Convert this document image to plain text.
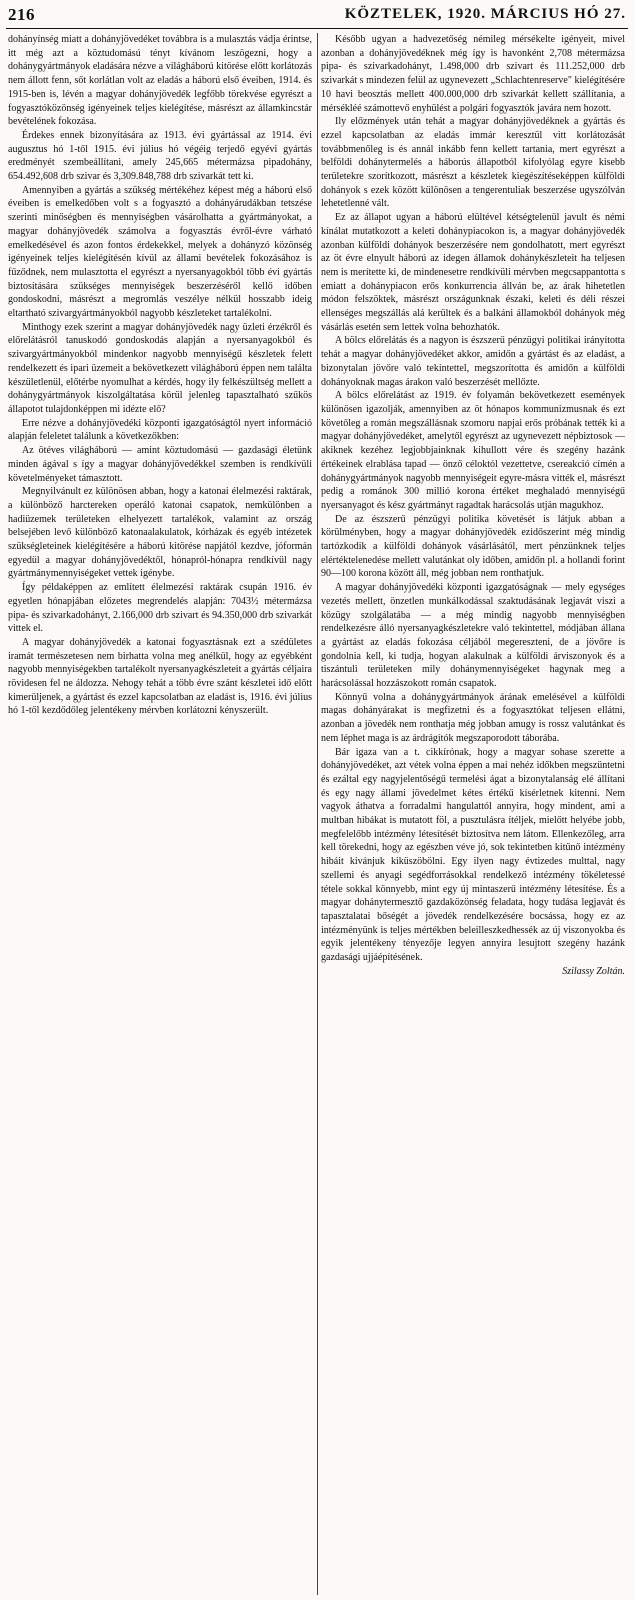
216	KÖZTELEK, 1920. MÁRCIUS HÓ 27.

dohányínség miatt a dohányjövedéket továbbra is a mulasztás vádja érintse, itt még azt a köztudomású tényt kívánom leszögezni, hogy a dohánygyártmányok eladására nézve a világháború kitörése előtt korlátozás nem állott fenn, sőt korlátlan volt az eladás a háború első éveiben, 1914. és 1915-ben is, lévén a magyar dohányjövedék legfőbb törekvése egyrészt a fogyasztóközönség igényeinek teljes kielégítése, másrészt az államkincstár bevételének fokozása.

Érdekes ennek bizonyítására az 1913. évi gyártással az 1914. évi augusztus hó 1-től 1915. évi július hó végéig terjedő egyévi gyártás eredményét szembeállítani, amely 245,665 métermázsa pipadohány, 654.492,608 drb szivar és 3,309.848,788 drb szivarkát tett ki.

Amennyiben a gyártás a szükség mértékéhez képest még a háború első éveiben is emelkedőben volt s a fogyasztó a dohányárudákban tetszése szerinti minőségben és mennyiségben vásárolhatta a gyártmányokat, a magyar dohányjövedék számolva a fogyasztás évről-évre várható emelkedésével és azon fontos érdekekkel, melyek a dohányzó közönség igényeinek teljes kielégítésén kívül az állami bevételek fokozásához is fűződnek, nem mulasztotta el egyrészt a nyersanyagokból több évi gyártás biztosítására szükséges mennyiségek beszerzéséről kellő időben gondoskodni, másrészt a megromlás veszélye nélkül hosszabb ideig eltartható szivargyártmányokból nagyobb készleteket tartalékolni.

Minthogy ezek szerint a magyar dohányjövedék nagy üzleti érzékről és előrelátásról tanuskodó gondoskodás alapján a nyersanyagokból és szivargyártmányokból mindenkor nagyobb mennyiségű készletek felett rendelkezett és ipari üzemeit a bekövetkezett világháború éppen nem találta készületlenül, előtérbe nyomulhat a kérdés, hogy ily felkészültség mellett a dohánygyártmányok kiszolgáltatása körül jelenleg tapasztalható szűkös állapotot tulajdonképpen mi idézte elő?

Erre nézve a dohányjövedéki központi igazgatóságtól nyert információ alapján feleletet találunk a következőkben:

Az ötéves világháború — amint köztudomású — gazdasági életünk minden ágával s így a magyar dohányjövedékkel szemben is rendkívüli követelményeket támasztott.

Megnyilvánult ez különösen abban, hogy a katonai élelmezési raktárak, a különböző harctereken operáló katonai csapatok, nemkülönben a hadiüzemek területeken elhelyezett tartalékok, valamint az ország belsejében levő különböző katonaalakulatok, kórházak és egyéb intézetek szükségleteinek kielégítésére a háború kitörése napjától kezdve, jóformán egyedül a magyar dohányjövedéktől, hónapról-hónapra rendkívül nagy gyártmánymennyiségeket vettek igénybe.

Így példaképpen az említett élelmezési raktárak csupán 1916. év egyetlen hónapjában előzetes megrendelés alapján: 7043½ métermázsa pipa- és szivarkadohányt, 2.166,000 drb szivart és 94.350,000 drb szivarkát vittek el.

A magyar dohányjövedék a katonai fogyasztásnak ezt a szédületes iramát természetesen nem birhatta volna meg anélkül, hogy az egyébként nagyobb mennyiségekben tartalékolt nyersanyagkészleteit a gyártás céljaira rövidesen fel ne áldozza. Nehogy tehát a több évre szánt készletei idő előtt kimerüljenek, a gyártást és ezzel kapcsolatban az eladást is, 1916. évi július hó 1-től kezdődőleg jelentékeny mérvben korlátozni kényszerült.

Később ugyan a hadvezetőség némileg mérsékelte igényeit, mivel azonban a dohányjövedéknek még így is havonként 2,708 métermázsa pipa- és szivarkadohányt, 1.498,000 drb szivart és 111.252,000 drb szivarkát s mindezen felül az ugynevezett „Schlachtenreserve" kielégítésére 10 havi beosztás mellett 400.000,000 drb szivarkát kellett szállítania, a mérsékléé számottevő enyhülést a polgári fogyasztók javára nem hozott.

Ily előzmények után tehát a magyar dohányjövedéknek a gyártás és ezzel kapcsolatban az eladás immár keresztül vitt korlátozását továbbmenőleg is és annál inkább fenn kellett tartania, mert egyrészt a belföldi dohánytermelés a háborús állapotból kifolyólag egyre kisebb területekre szorítkozott, másrészt a készletek kiegészítéseképpen külföldi dohányok s ezek között különösen a tengerentuliak beszerzése ugyszólván lehetetlenné vált.

Ez az állapot ugyan a háború elültével kétségtelenül javult és némi kínálat mutatkozott a keleti dohánypiacokon is, a magyar dohányjövedék azonban külföldi dohányok beszerzésére nem gondolhatott, mert egyrészt az öt évre elnyult háború az idegen államok dohánykészleteit ha teljesen nem is merítette ki, de mindenesetre rendkívüli mérvben megcsappantotta s emiatt a dohánypiacon erős konkurrencia állván be, az árak hihetetlen módon felszöktek, másrészt országunknak északi, keleti és déli részei ellenséges megszállás alá kerültek és a balkáni államokból dohányok még vásárlás esetén sem lettek volna behozhatók.

A bölcs előrelátás és a nagyon is észszerű pénzügyi politikai irányította tehát a magyar dohányjövedéket akkor, amidőn a gyártást és az eladást, a bizonytalan jövőre való tekintettel, megszorította és amidőn a külföldi dohányoknak magas árakon való beszerzését mellőzte.

A bölcs előrelátást az 1919. év folyamán bekövetkezett események különösen igazolják, amennyiben az öt hónapos kommunizmusnak és ezt követőleg a román megszállásnak szomoru napjai erős próbának tették ki a magyar dohányjövedéket, amelytől egyrészt az ugynevezett népbiztosok — akiknek kezéhez legjobbjainknak kihullott vére és szegény hazánk értékeinek elrablása tapad — önző céloktól vezettetve, csereakció címén a dohánygyártmányok nagyobb mennyiségeit egyre-másra vitték el, másrészt pedig a románok 300 millió korona értéket meghaladó mennyiségű nyersanyagot és kész gyártmányt ragadtak harácsolás utján magukhoz.

De az észszerű pénzügyi politika követését is látjuk abban a körülményben, hogy a magyar dohányjövedék ezidőszerint még mindig tartózkodik a külföldi dohányok vásárlásától, mert pénzünknek teljes elértéktelenedése mellett valutánkat oly időben, amidőn pl. a hollandi forint 90—100 korona között áll, még jobban nem ronthatjuk.

A magyar dohányjövedéki központi igazgatóságnak — mely egységes vezetés mellett, önzetlen munkálkodással szaktudásának legjavát viszi a közügy szolgálatába — a még mindig nagyobb mennyiségben rendelkezésre álló nyersanyagkészletekre való tekintettel, módjában állana a gyártást az eladás fokozása céljából megereszteni, de a jövőre is gondolnia kell, ki tudja, hogyan alakulnak a külföldi árviszonyok és a tiszántuli területeken mily dohánymennyiségeket hagynak meg a harácsolással hozzászokott román csapatok.

Könnyű volna a dohánygyártmányok árának emelésével a külföldi magas dohányárakat is megfizetni és a fogyasztókat teljesen ellátni, azonban a jövedék nem ronthatja még jobban amugy is rossz valutánkat és nem léphet maga is az árdrágítók megszaporodott táborába.

Bár igaza van a t. cikkírónak, hogy a magyar sohase szerette a dohányjövedéket, azt vétek volna éppen a mai nehéz időkben megszüntetni és ezáltal egy nagyjelentőségű termelési ágat a bizonytalanság elé állítani és egy nagy állami jövedelmet kétes értékű kísérletnek kitenni. Nem vagyok áthatva a forradalmi hangulattól annyira, hogy mindent, ami a multban hibákat is mutatott föl, a pusztulásra ítéljek, mielőtt helyébe jobb, megfelelőbb intézmény létesítését biztosítva nem látom. Ellenkezőleg, arra kell törekedni, hogy az egészben véve jó, sok tekintetben kitűnő intézmény hibáit kivánjuk kiküszöbölni. Egy ilyen nagy évtizedes multtal, nagy szellemi és anyagi segédforrásokkal rendelkező intézmény tökéletessé tétele sokkal könnyebb, mint egy új mintaszerű intézmény létesítése. És a magyar dohánytermesztő gazdaközönség feladata, hogy tudása legjavát és tapasztalatai bőségét a jövedék rendelkezésére bocsássa, hogy ez az intézményünk is teljes mértékben beleilleszkedhessék az új viszonyokba és egyik jelentékeny tényezője legyen annyira lesujtott szegény hazánk gazdasági ujjáépítésének.

Szilassy Zoltán.
